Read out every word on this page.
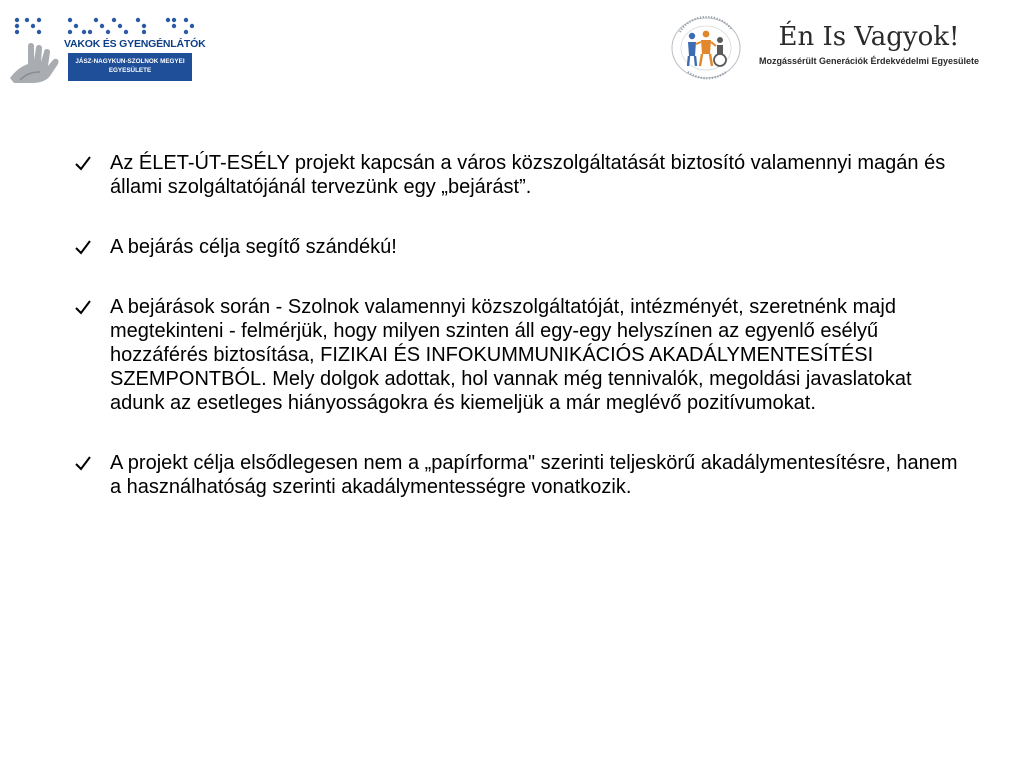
VAKOK ÉS GYENGÉNLÁTÓK
JÁSZ-NAGYKUN-SZOLNOK MEGYEI
EGYESÜLETE
Én Is Vagyok!
Mozgássérült Generációk Érdekvédelmi Egyesülete
Az ÉLET-ÚT-ESÉLY projekt kapcsán a város közszolgáltatását biztosító valamennyi magán és állami szolgáltatójánál tervezünk egy „bejárást”.
A bejárás célja segítő szándékú!
A bejárások során - Szolnok valamennyi közszolgáltatóját, intézményét, szeretnénk majd megtekinteni - felmérjük, hogy milyen szinten áll egy-egy helyszínen az egyenlő esélyű hozzáférés biztosítása, FIZIKAI ÉS INFOKUMMUNIKÁCIÓS AKADÁLYMENTESÍTÉSI SZEMPONTBÓL. Mely dolgok adottak, hol vannak még tennivalók, megoldási javaslatokat adunk az esetleges hiányosságokra és kiemeljük a már meglévő pozitívumokat.
A projekt célja elsődlegesen nem a „papírforma" szerinti teljeskörű akadálymentesítésre, hanem a használhatóság szerinti akadálymentességre vonatkozik.
